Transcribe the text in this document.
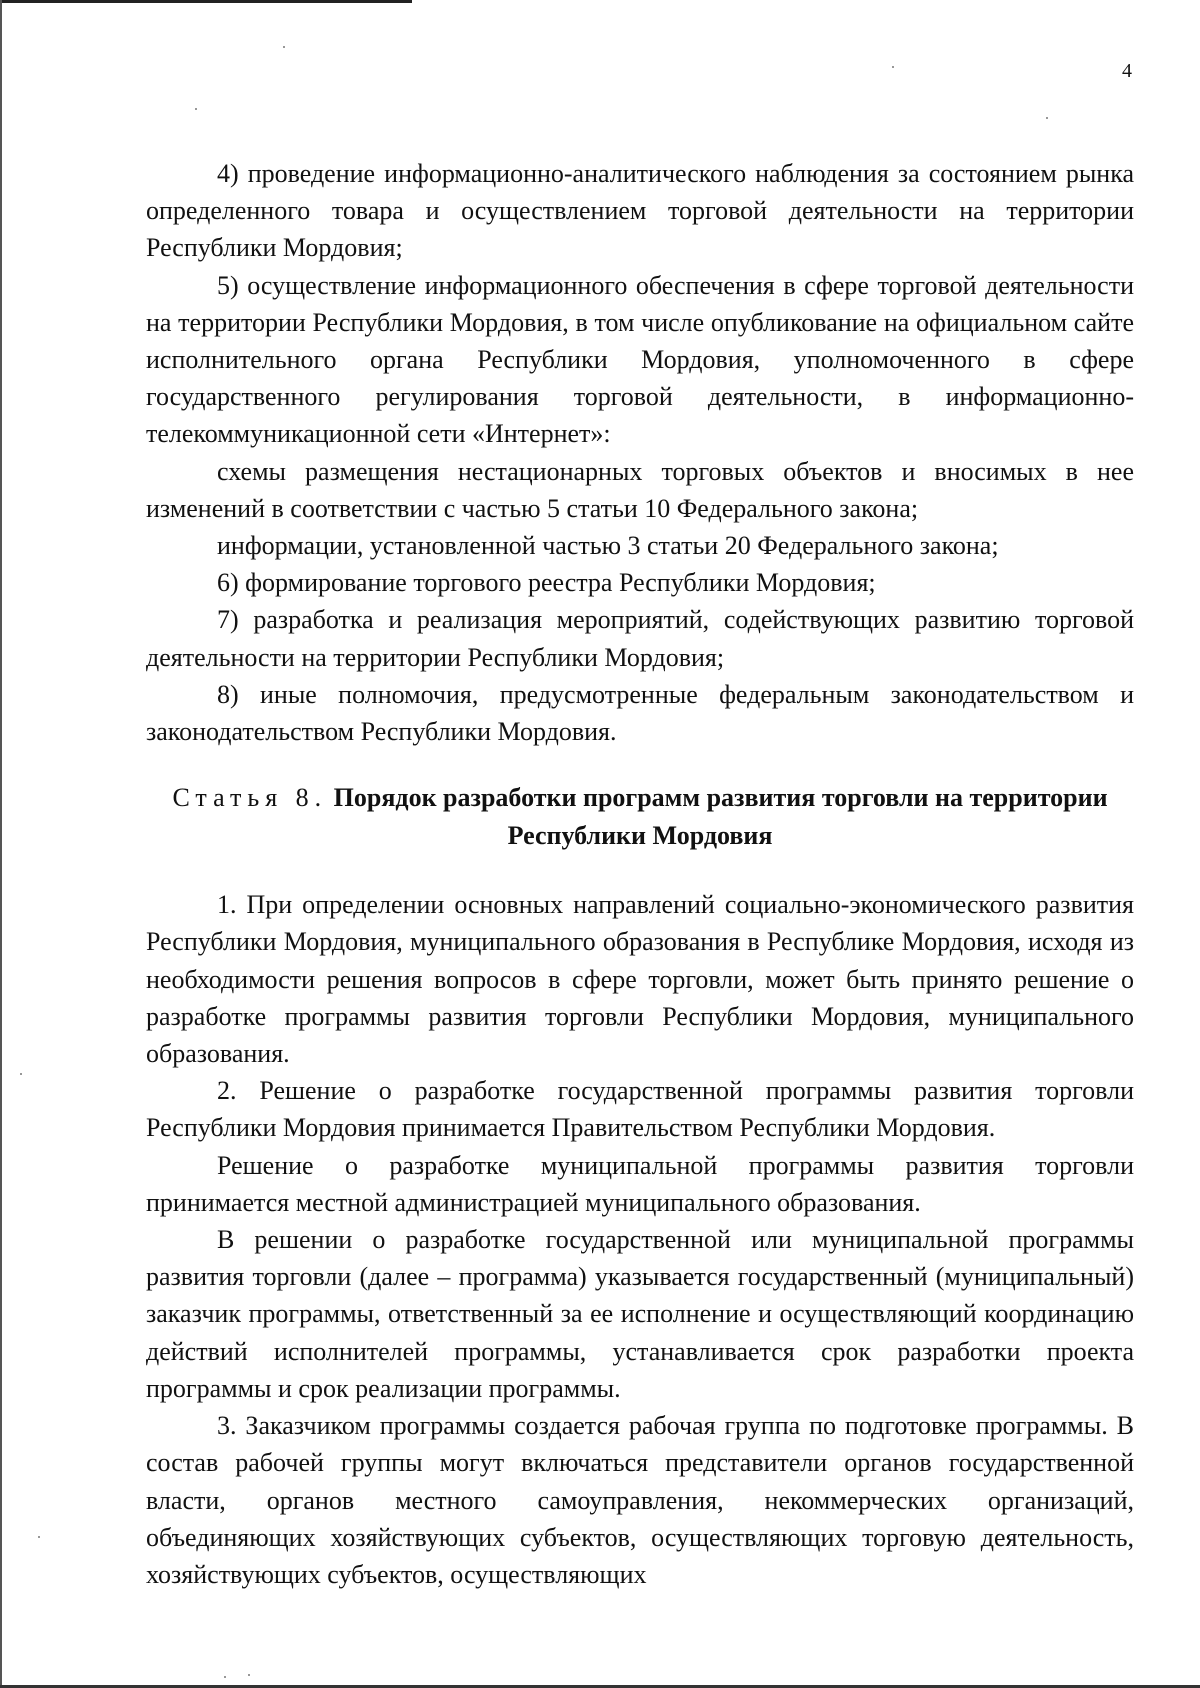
4

4) проведение информационно-аналитического наблюдения за состоянием рынка определенного товара и осуществлением торговой деятельности на территории Республики Мордовия;

5) осуществление информационного обеспечения в сфере торговой деятельности на территории Республики Мордовия, в том числе опубликование на официальном сайте исполнительного органа Республики Мордовия, уполномоченного в сфере государственного регулирования торговой деятельности, в информационно-телекоммуникационной сети «Интернет»:

схемы размещения нестационарных торговых объектов и вносимых в нее изменений в соответствии с частью 5 статьи 10 Федерального закона;

информации, установленной частью 3 статьи 20 Федерального закона;

6) формирование торгового реестра Республики Мордовия;

7) разработка и реализация мероприятий, содействующих развитию торговой деятельности на территории Республики Мордовия;

8) иные полномочия, предусмотренные федеральным законодательством и законодательством Республики Мордовия.

Статья 8. Порядок разработки программ развития торговли на территории Республики Мордовия

1. При определении основных направлений социально-экономического развития Республики Мордовия, муниципального образования в Республике Мордовия, исходя из необходимости решения вопросов в сфере торговли, может быть принято решение о разработке программы развития торговли Республики Мордовия, муниципального образования.

2. Решение о разработке государственной программы развития торговли Республики Мордовия принимается Правительством Республики Мордовия.

Решение о разработке муниципальной программы развития торговли принимается местной администрацией муниципального образования.

В решении о разработке государственной или муниципальной программы развития торговли (далее – программа) указывается государственный (муниципальный) заказчик программы, ответственный за ее исполнение и осуществляющий координацию действий исполнителей программы, устанавливается срок разработки проекта программы и срок реализации программы.

3. Заказчиком программы создается рабочая группа по подготовке программы. В состав рабочей группы могут включаться представители органов государственной власти, органов местного самоуправления, некоммерческих организаций, объединяющих хозяйствующих субъектов, осуществляющих торговую деятельность, хозяйствующих субъектов, осуществляющих
